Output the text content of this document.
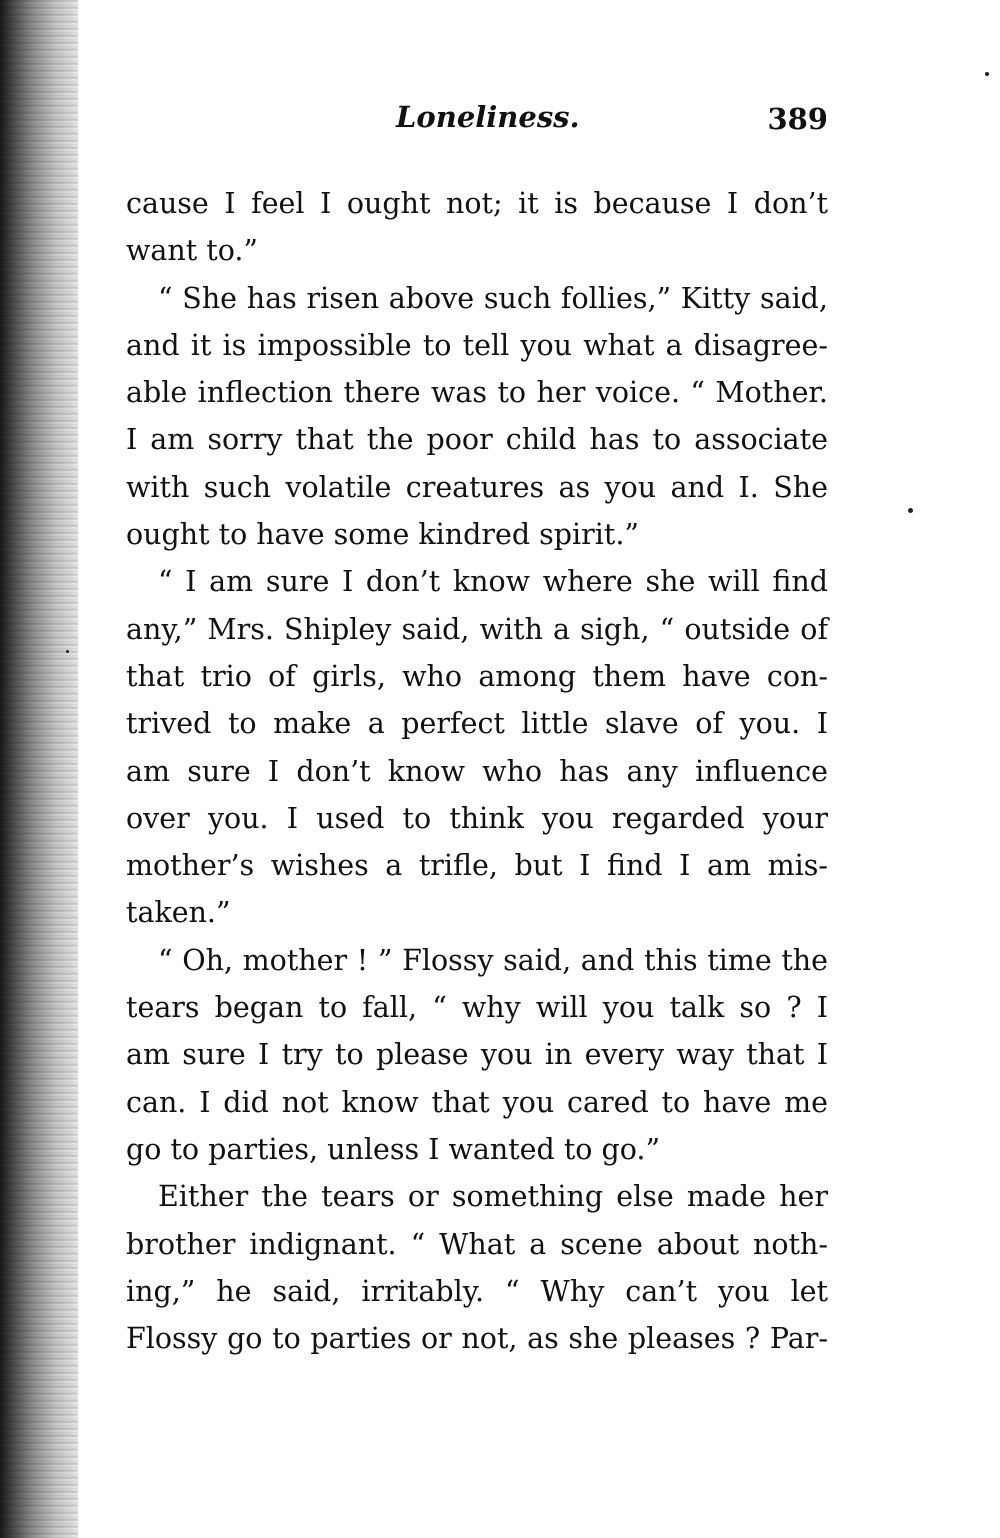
Loneliness.	389
cause I feel I ought not; it is because I don’t
want to.”
“ She has risen above such follies,” Kitty said,
and it is impossible to tell you what a disagree-
able inflection there was to her voice. “ Mother.
I am sorry that the poor child has to associate
with such volatile creatures as you and I. She
ought to have some kindred spirit.”
“ I am sure I don’t know where she will find
any,” Mrs. Shipley said, with a sigh, “ outside of
that trio of girls, who among them have con-
trived to make a perfect little slave of you. I
am sure I don’t know who has any influence
over you. I used to think you regarded your
mother’s wishes a trifle, but I find I am mis-
taken.”
“ Oh, mother ! ” Flossy said, and this time the
tears began to fall, “ why will you talk so ? I
am sure I try to please you in every way that I
can. I did not know that you cared to have me
go to parties, unless I wanted to go.”
Either the tears or something else made her
brother indignant. “ What a scene about noth-
ing,” he said, irritably. “ Why can’t you let
Flossy go to parties or not, as she pleases ? Par-
